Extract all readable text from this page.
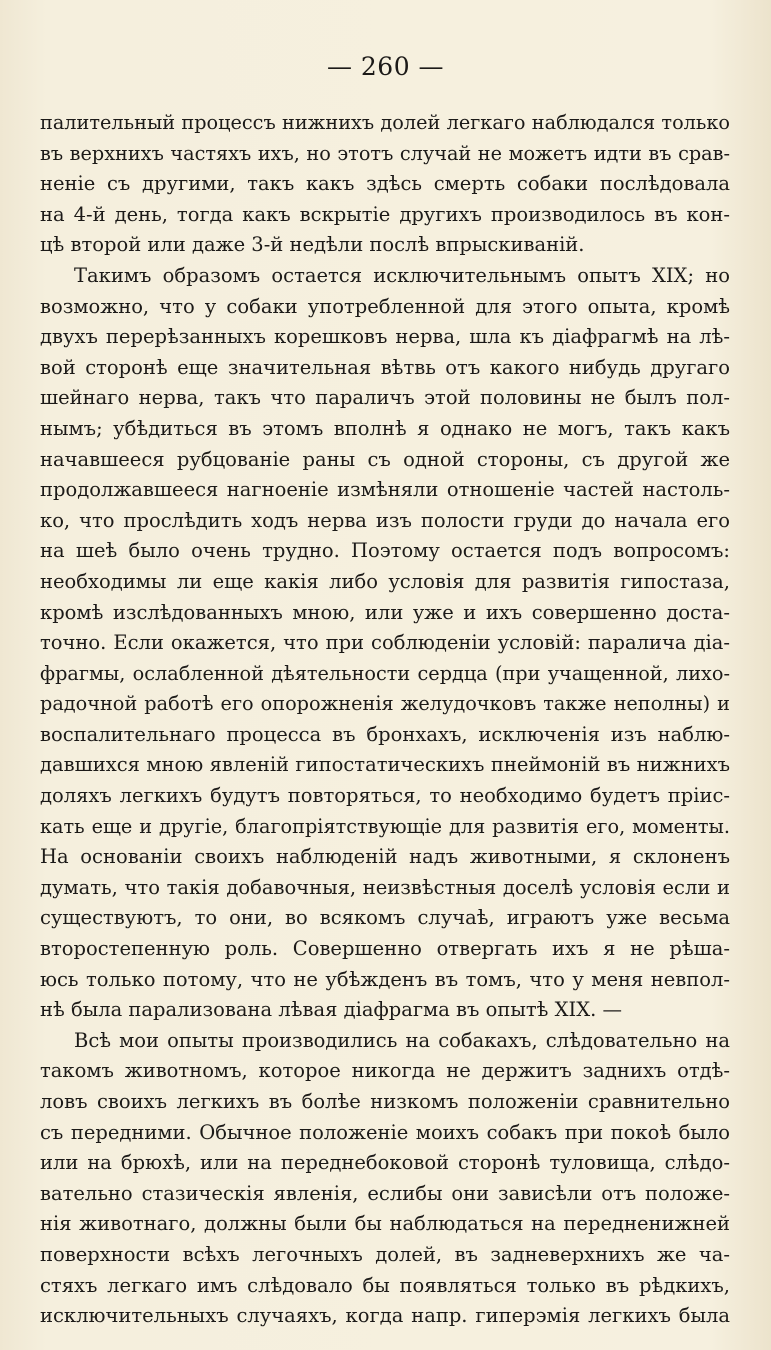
— 260 —
палительный процессъ нижнихъ долей легкаго наблюдался только
въ верхнихъ частяхъ ихъ, но этотъ случай не можетъ идти въ срав-
неніе съ другими, такъ какъ здѣсь смерть собаки послѣдовала
на 4-й день, тогда какъ вскрытіе другихъ производилось въ кон-
цѣ второй или даже 3-й недѣли послѣ впрыскиваній.
Такимъ образомъ остается исключительнымъ опытъ XIX; но
возможно, что у собаки употребленной для этого опыта, кромѣ
двухъ перерѣзанныхъ корешковъ нерва, шла къ діафрагмѣ на лѣ-
вой сторонѣ еще значительная вѣтвь отъ какого нибудь другаго
шейнаго нерва, такъ что параличъ этой половины не былъ пол-
нымъ; убѣдиться въ этомъ вполнѣ я однако не могъ, такъ какъ
начавшееся рубцованіе раны съ одной стороны, съ другой же
продолжавшееся нагноеніе измѣняли отношеніе частей настоль-
ко, что прослѣдить ходъ нерва изъ полости груди до начала его
на шеѣ было очень трудно. Поэтому остается подъ вопросомъ:
необходимы ли еще какія либо условія для развитія гипостаза,
кромѣ изслѣдованныхъ мною, или уже и ихъ совершенно доста-
точно. Если окажется, что при соблюденіи условій: паралича діа-
фрагмы, ослабленной дѣятельности сердца (при учащенной, лихо-
радочной работѣ его опорожненія желудочковъ также неполны) и
воспалительнаго процесса въ бронхахъ, исключенія изъ наблю-
давшихся мною явленій гипостатическихъ пнеймоній въ нижнихъ
доляхъ легкихъ будутъ повторяться, то необходимо будетъ пріис-
кать еще и другіе, благопріятствующіе для развитія его, моменты.
На основаніи своихъ наблюденій надъ животными, я склоненъ
думать, что такія добавочныя, неизвѣстныя доселѣ условія если и
существуютъ, то они, во всякомъ случаѣ, играютъ уже весьма
второстепенную роль. Совершенно отвергать ихъ я не рѣша-
юсь только потому, что не убѣжденъ въ томъ, что у меня невпол-
нѣ была парализована лѣвая діафрагма въ опытѣ XIX. —
Всѣ мои опыты производились на собакахъ, слѣдовательно на
такомъ животномъ, которое никогда не держитъ заднихъ отдѣ-
ловъ своихъ легкихъ въ болѣе низкомъ положеніи сравнительно
съ передними. Обычное положеніе моихъ собакъ при покоѣ было
или на брюхѣ, или на переднебоковой сторонѣ туловища, слѣдо-
вательно стазическія явленія, еслибы они зависѣли отъ положе-
нія животнаго, должны были бы наблюдаться на передненижней
поверхности всѣхъ легочныхъ долей, въ задневерхнихъ же ча-
стяхъ легкаго имъ слѣдовало бы появляться только въ рѣдкихъ,
исключительныхъ случаяхъ, когда напр. гиперэмія легкихъ была
